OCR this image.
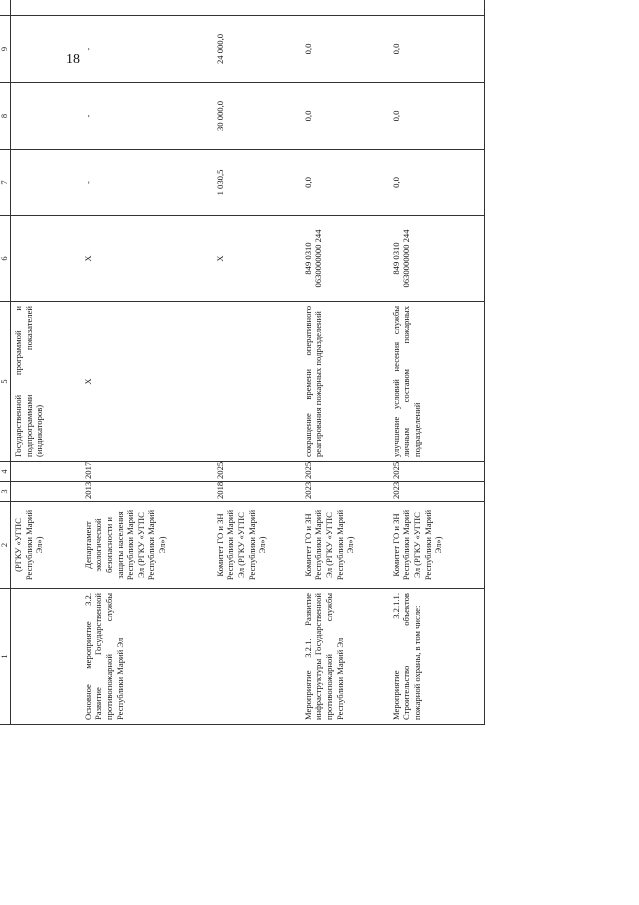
18
1	2	3	4	5	6	7	8	9	
	(РГКУ «УГПС Республики Марий Эл»)			Государственной программой и подпрограммами показателей (индикаторов)					
Основное мероприятие 3.2. Развитие Государственной противопожарной службы Республики Марий Эл	Департамент экологической безопасности и защиты населения Республики Марий Эл (РГКУ «УГПС Республики Марий Эл»)	2013	2017	X	X	-	-	-	
	Комитет ГО и ЗН Республики Марий Эл (РГКУ «УГПС Республики Марий Эл»)	2018	2025		X	1 030,5	30 000,0	24 000,0	
Мероприятие 3.2.1. Развитие инфраструктуры Государственной противопожарной службы Республики Марий Эл	Комитет ГО и ЗН Республики Марий Эл (РГКУ «УГПС Республики Марий Эл»)	2023	2025	сокращение времени оперативного реагирования пожарных подразделений	849 0310 0630000000 244	0,0	0,0	0,0	
Мероприятие 3.2.1.1. Строительство объектов пожарной охраны, в том числе:	Комитет ГО и ЗН Республики Марий Эл (РГКУ «УГПС Республики Марий Эл»)	2023	2025	улучшение условий несения службы личным составом пожарных подразделений	849 0310 0630000000 244	0,0	0,0	0,0	
